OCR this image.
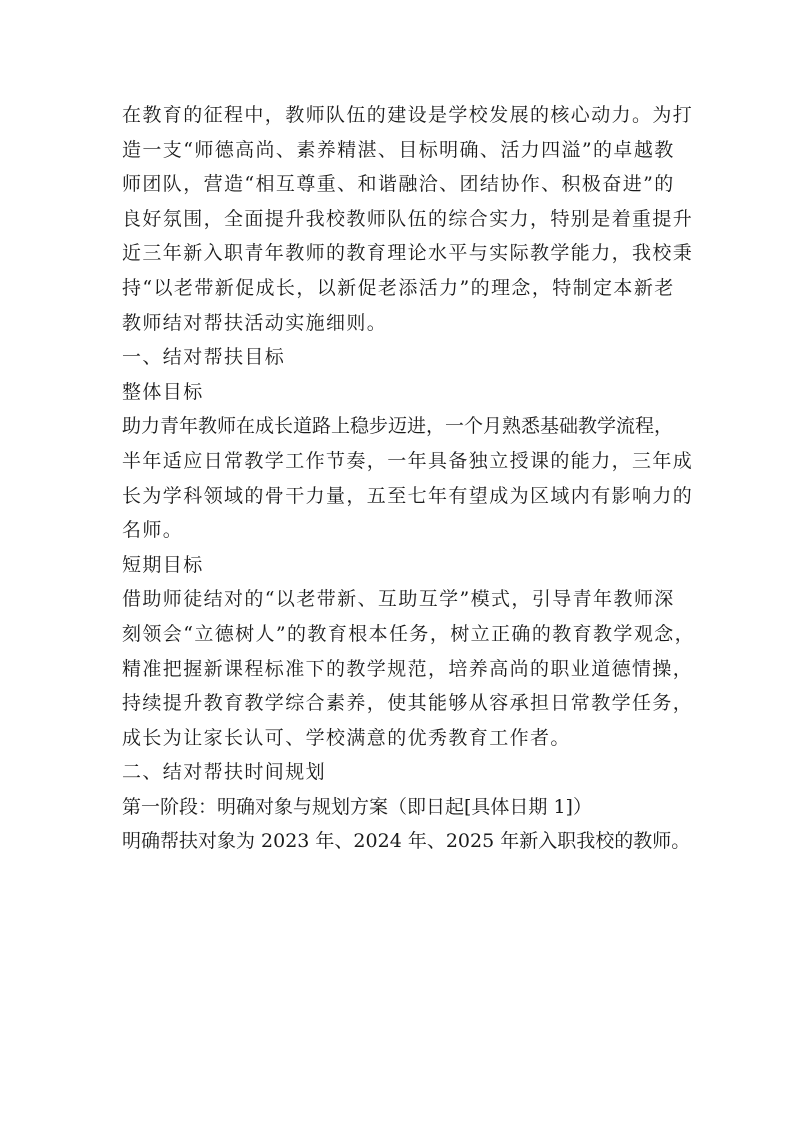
在教育的征程中，教师队伍的建设是学校发展的核心动力。为打
造一支“师德高尚、素养精湛、目标明确、活力四溢”的卓越教
师团队，营造“相互尊重、和谐融洽、团结协作、积极奋进”的
良好氛围，全面提升我校教师队伍的综合实力，特别是着重提升
近三年新入职青年教师的教育理论水平与实际教学能力，我校秉
持“以老带新促成长，以新促老添活力”的理念，特制定本新老
教师结对帮扶活动实施细则。
一、结对帮扶目标
整体目标
助力青年教师在成长道路上稳步迈进，一个月熟悉基础教学流程，
半年适应日常教学工作节奏，一年具备独立授课的能力，三年成
长为学科领域的骨干力量，五至七年有望成为区域内有影响力的
名师。
短期目标
借助师徒结对的“以老带新、互助互学”模式，引导青年教师深
刻领会“立德树人”的教育根本任务，树立正确的教育教学观念，
精准把握新课程标准下的教学规范，培养高尚的职业道德情操，
持续提升教育教学综合素养，使其能够从容承担日常教学任务，
成长为让家长认可、学校满意的优秀教育工作者。
二、结对帮扶时间规划
第一阶段：明确对象与规划方案（即日起[具体日期 1]）
明确帮扶对象为 2023 年、2024 年、2025 年新入职我校的教师。
